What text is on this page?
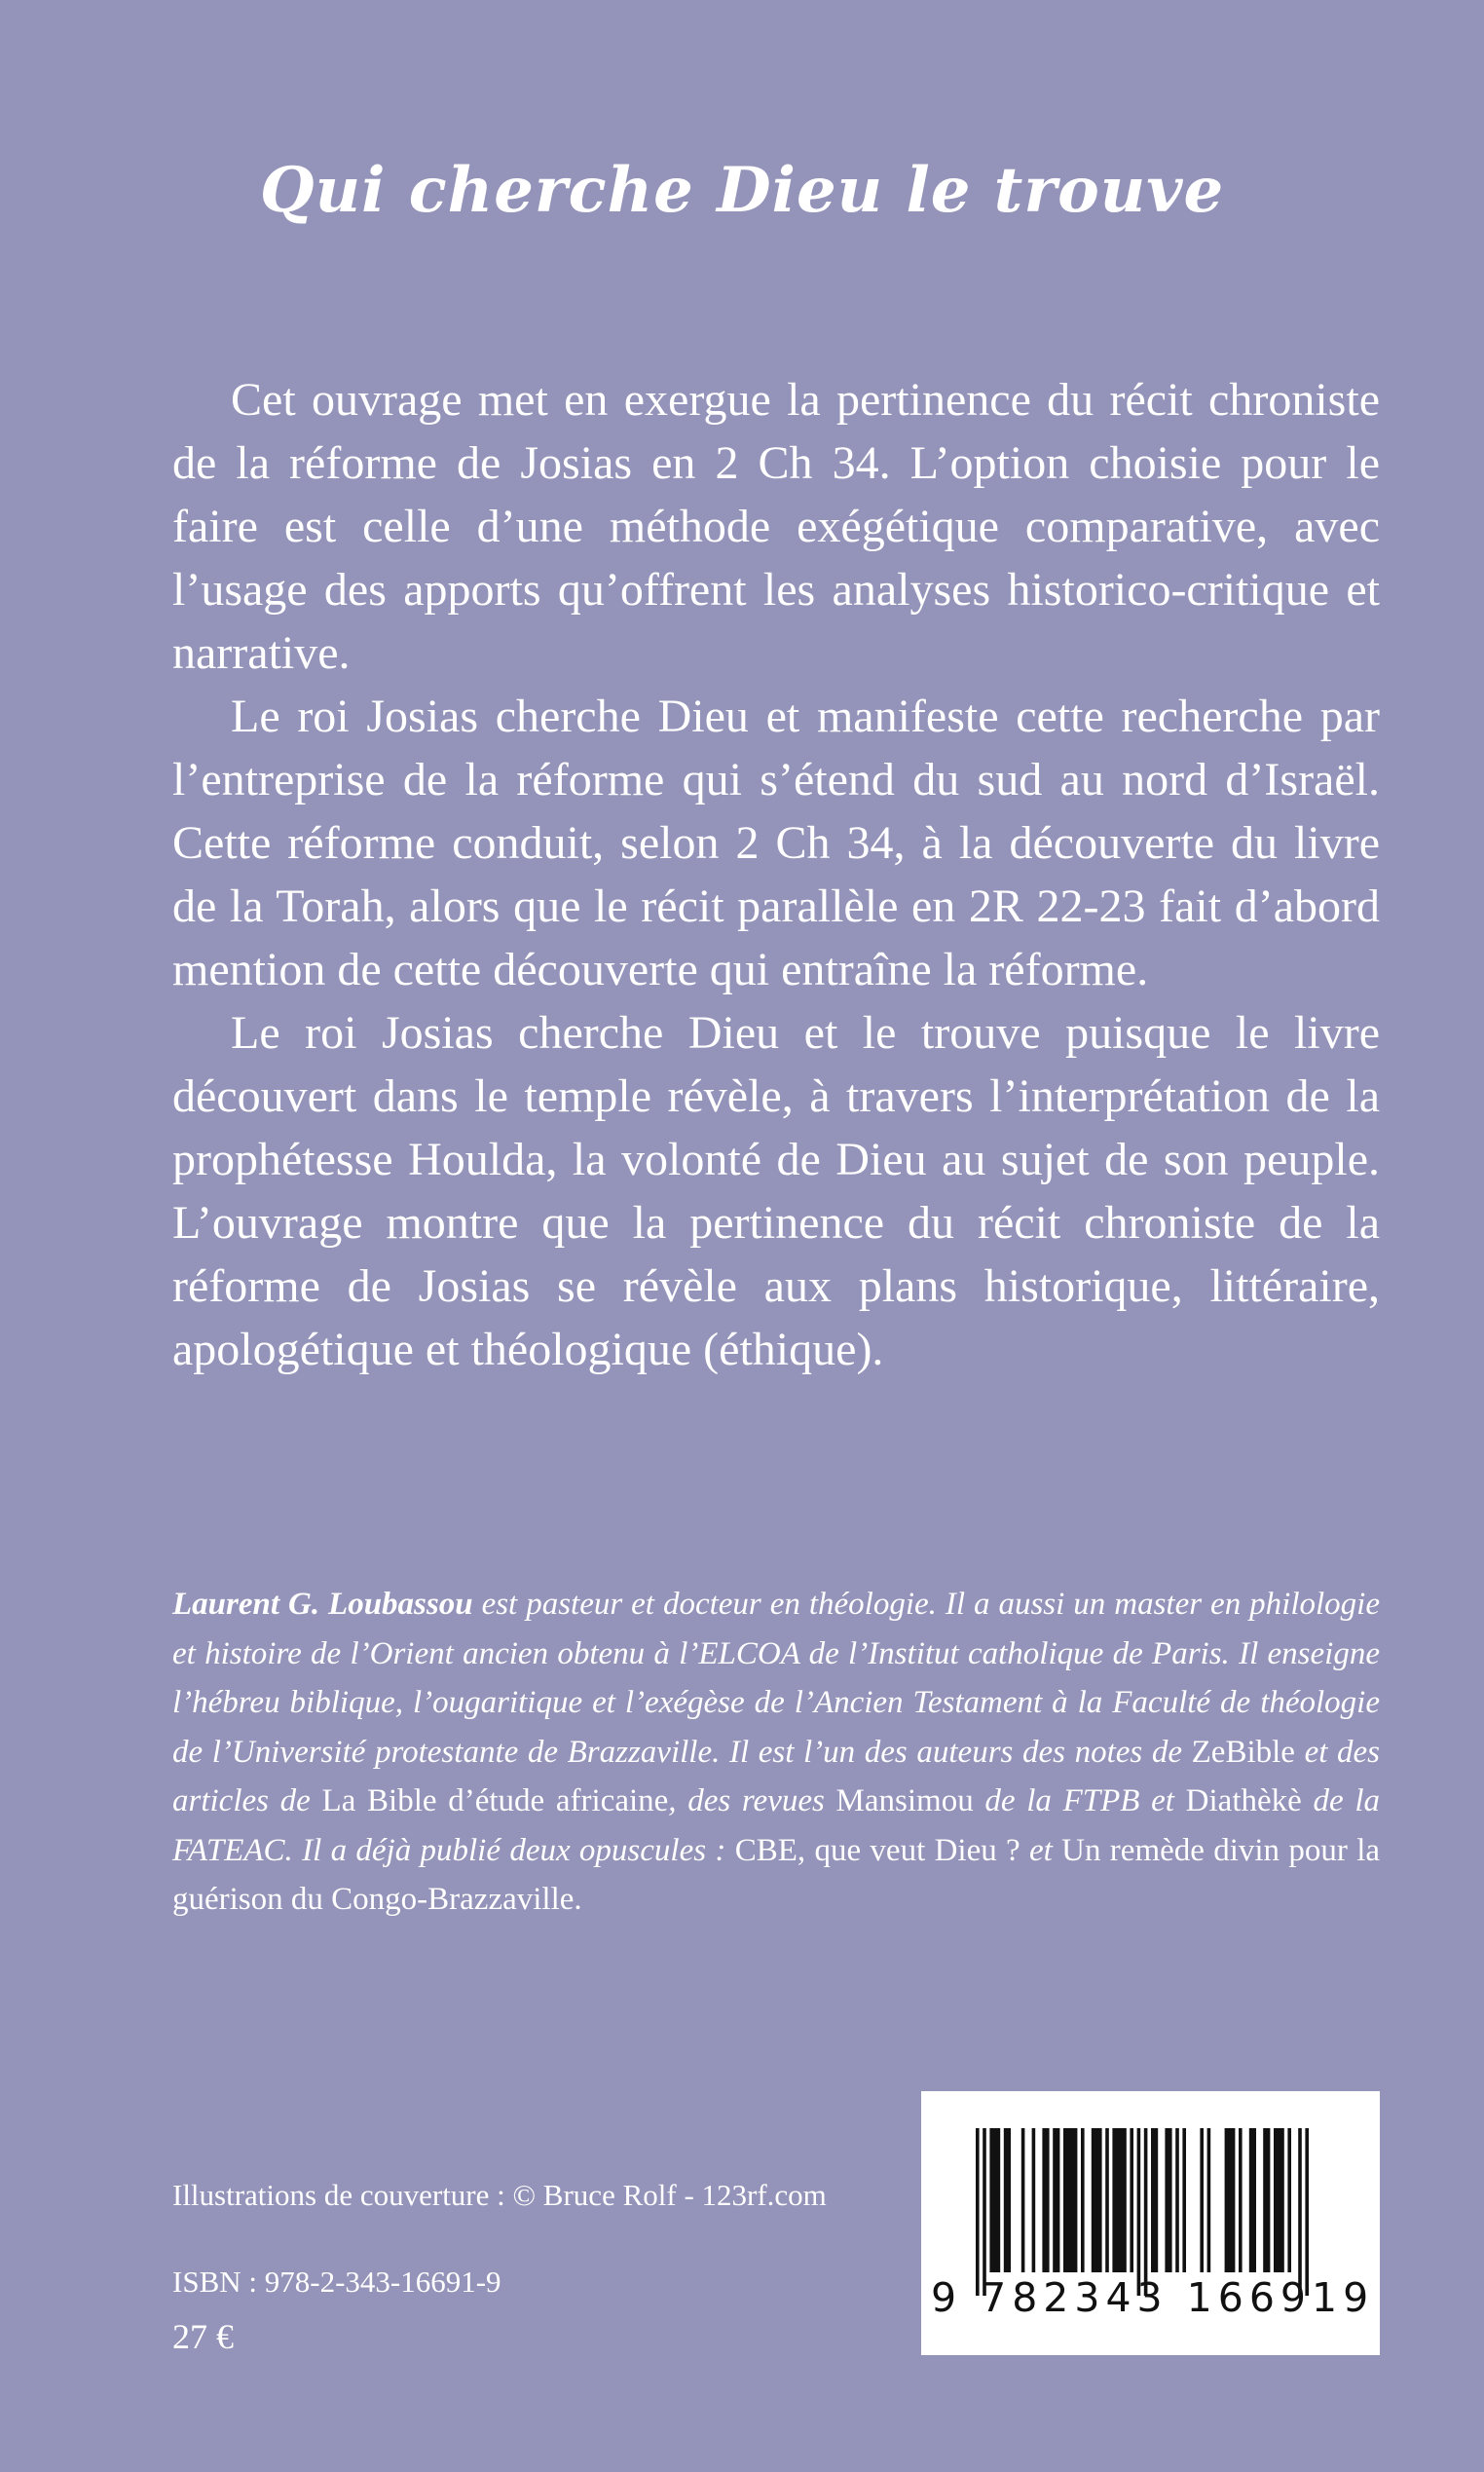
Qui cherche Dieu le trouve

Cet ouvrage met en exergue la pertinence du récit chroniste de la réforme de Josias en 2 Ch 34. L’option choisie pour le faire est celle d’une méthode exégétique comparative, avec l’usage des apports qu’offrent les analyses historico-critique et narrative.

Le roi Josias cherche Dieu et manifeste cette recherche par l’entreprise de la réforme qui s’étend du sud au nord d’Israël. Cette réforme conduit, selon 2 Ch 34, à la découverte du livre de la Torah, alors que le récit parallèle en 2R 22-23 fait d’abord mention de cette découverte qui entraîne la réforme.

Le roi Josias cherche Dieu et le trouve puisque le livre découvert dans le temple révèle, à travers l’interprétation de la prophétesse Houlda, la volonté de Dieu au sujet de son peuple. L’ouvrage montre que la pertinence du récit chroniste de la réforme de Josias se révèle aux plans historique, littéraire, apologétique et théologique (éthique).

Laurent G. Loubassou est pasteur et docteur en théologie. Il a aussi un master en philologie et histoire de l’Orient ancien obtenu à l’ELCOA de l’Institut catholique de Paris. Il enseigne l’hébreu biblique, l’ougaritique et l’exégèse de l’Ancien Testament à la Faculté de théologie de l’Université protestante de Brazzaville. Il est l’un des auteurs des notes de ZeBible et des articles de La Bible d’étude africaine, des revues Mansimou de la FTPB et Diathèkè de la FATEAC. Il a déjà publié deux opuscules : CBE, que veut Dieu ? et Un remède divin pour la guérison du Congo-Brazzaville.
Illustrations de couverture : © Bruce Rolf - 123rf.com
ISBN : 978-2-343-16691-9
27 €
9 782343 166919
